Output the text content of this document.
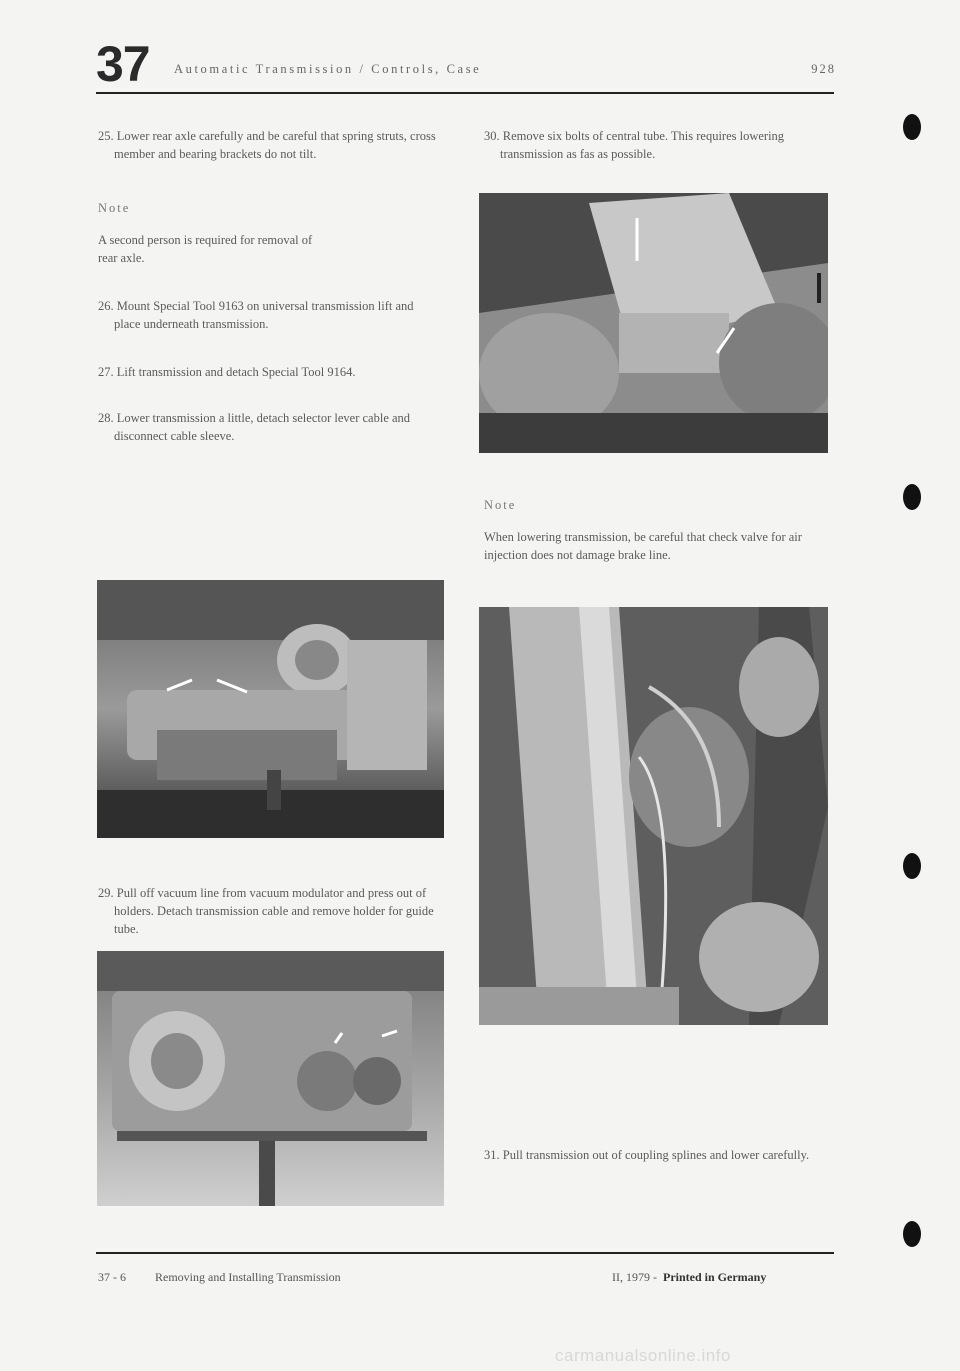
37 Automatic Transmission / Controls, Case	928

25. Lower rear axle carefully and be careful that spring struts, cross member and bearing brackets do not tilt.

Note

A second person is required for removal of rear axle.

26. Mount Special Tool 9163 on universal transmission lift and place underneath transmission.

27. Lift transmission and detach Special Tool 9164.

28. Lower transmission a little, detach selector lever cable and disconnect cable sleeve.

29. Pull off vacuum line from vacuum modulator and press out of holders. Detach transmission cable and remove holder for guide tube.

30. Remove six bolts of central tube. This requires lowering transmission as fas as possible.

Note

When lowering transmission, be careful that check valve for air injection does not damage brake line.

31. Pull transmission out of coupling splines and lower carefully.

37 - 6 Removing and Installing Transmission	II, 1979 - Printed in Germany
carmanualsonline.info
